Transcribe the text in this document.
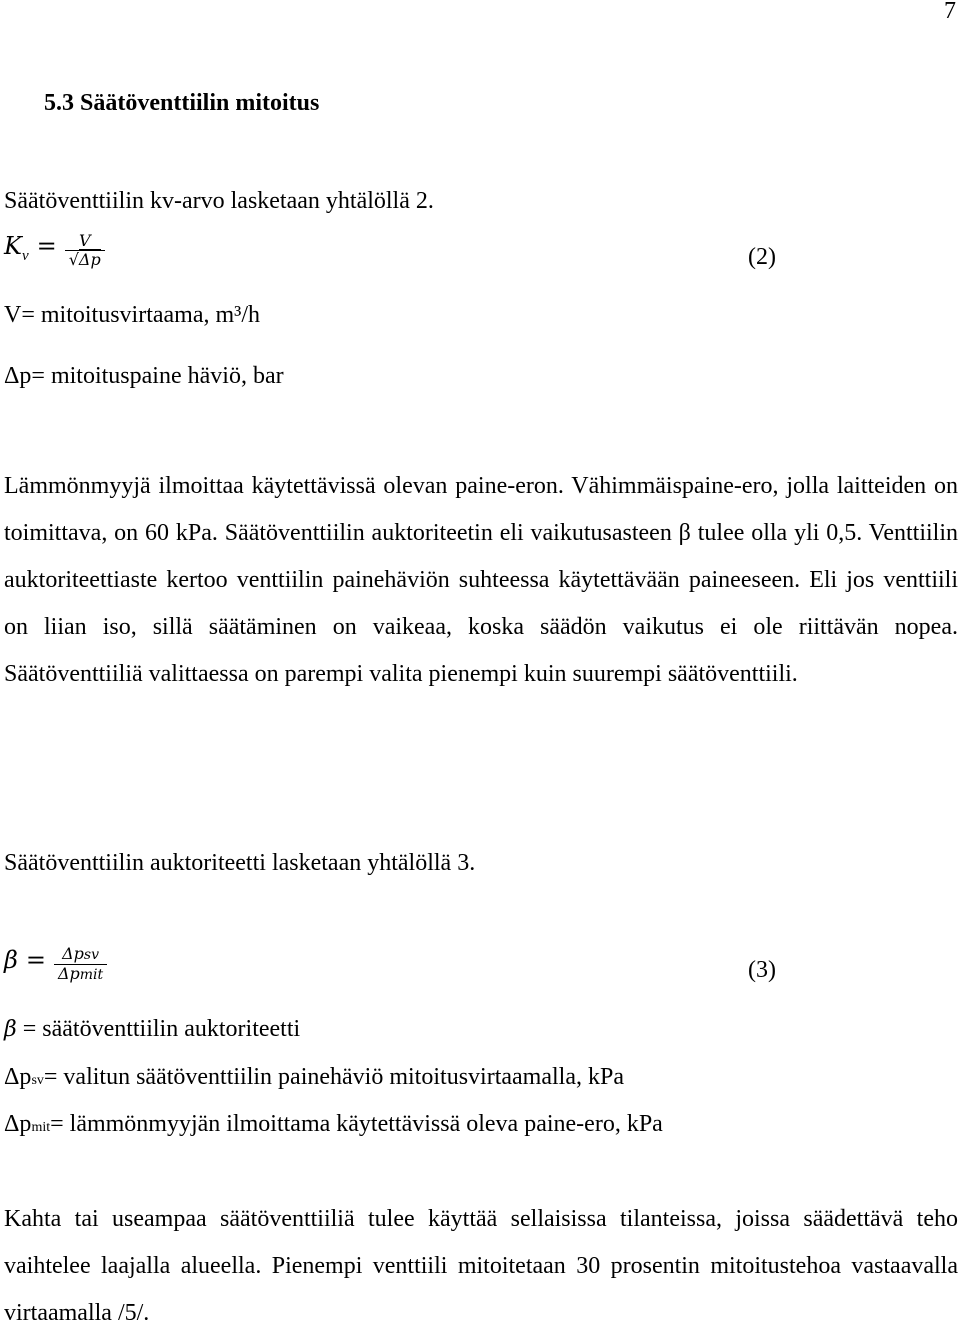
7
5.3 Säätöventtiilin mitoitus
Säätöventtiilin kv-arvo lasketaan yhtälöllä 2.
$Kv = \frac{V}{√\Delta p}$	(2)
V= mitoitusvirtaama, m³/h
Δp= mitoituspaine häviö, bar

Lämmönmyyjä ilmoittaa käytettävissä olevan paine-eron. Vähimmäispaine-ero, jolla laitteiden on toimittava, on 60 kPa. Säätöventtiilin auktoriteetin eli vaikutusasteen β tulee olla yli 0,5. Venttiilin auktoriteettiaste kertoo venttiilin painehäviön suhteessa käytettävään paineeseen. Eli jos venttiili on liian iso, sillä säätäminen on vaikeaa, koska säädön vaikutus ei ole riittävän nopea. Säätöventtiiliä valittaessa on parempi valita pienempi kuin suurempi säätöventtiili.

Säätöventtiilin auktoriteetti lasketaan yhtälöllä 3.
$\beta = \frac{\text{Δpsv}}{\text{Δpmit}}$	(3)
β = säätöventtiilin auktoriteetti
Δpsv= valitun säätöventtiilin painehäviö mitoitusvirtaamalla, kPa
Δpmit= lämmönmyyjän ilmoittama käytettävissä oleva paine-ero, kPa

Kahta tai useampaa säätöventtiiliä tulee käyttää sellaisissa tilanteissa, joissa säädettävä teho vaihtelee laajalla alueella. Pienempi venttiili mitoitetaan 30 prosentin mitoitustehoa vastaavalla virtaamalla /5/.
